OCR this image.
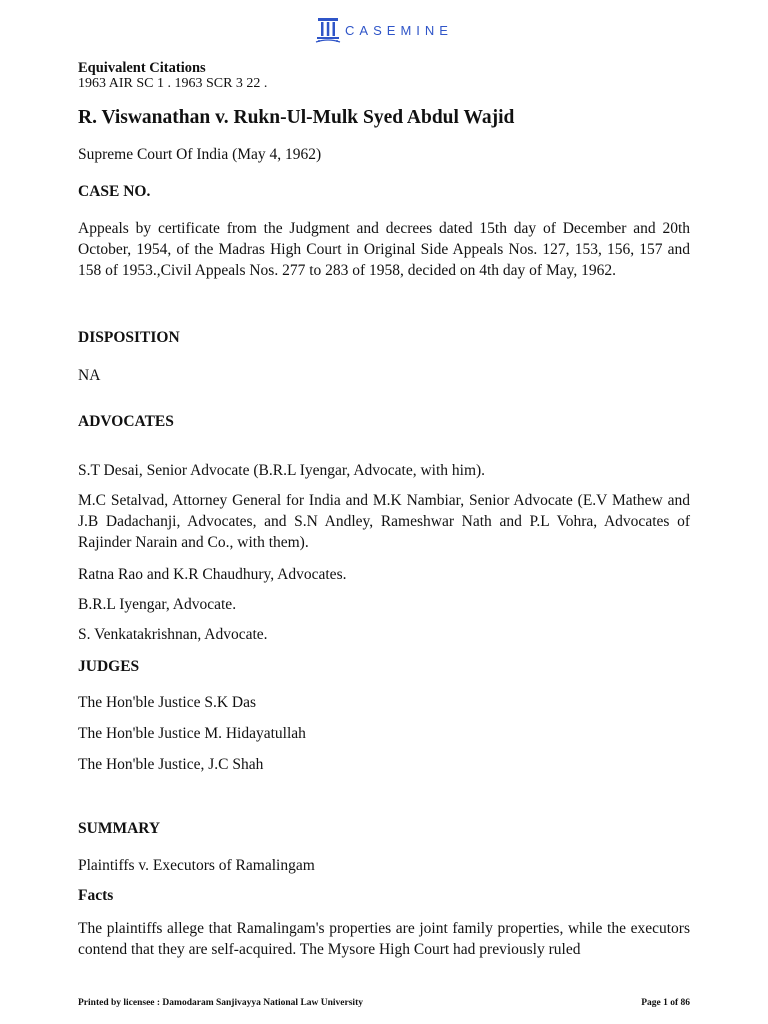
CASEMINE
Equivalent Citations
1963 AIR SC 1 . 1963 SCR 3 22 .
R. Viswanathan v. Rukn-Ul-Mulk Syed Abdul Wajid
Supreme Court Of India (May 4, 1962)
CASE NO.
Appeals by certificate from the Judgment and decrees dated 15th day of December and 20th October, 1954, of the Madras High Court in Original Side Appeals Nos. 127, 153, 156, 157 and 158 of 1953.,Civil Appeals Nos. 277 to 283 of 1958, decided on 4th day of May, 1962.
DISPOSITION
NA
ADVOCATES
S.T Desai, Senior Advocate (B.R.L Iyengar, Advocate, with him).
M.C Setalvad, Attorney General for India and M.K Nambiar, Senior Advocate (E.V Mathew and J.B Dadachanji, Advocates, and S.N Andley, Rameshwar Nath and P.L Vohra, Advocates of Rajinder Narain and Co., with them).
Ratna Rao and K.R Chaudhury, Advocates.
B.R.L Iyengar, Advocate.
S. Venkatakrishnan, Advocate.
JUDGES
The Hon'ble Justice S.K Das
The Hon'ble Justice M. Hidayatullah
The Hon'ble Justice, J.C Shah
SUMMARY
Plaintiffs v. Executors of Ramalingam
Facts
The plaintiffs allege that Ramalingam's properties are joint family properties, while the executors contend that they are self-acquired. The Mysore High Court had previously ruled
Printed by licensee : Damodaram Sanjivayya National Law University	Page 1 of 86
